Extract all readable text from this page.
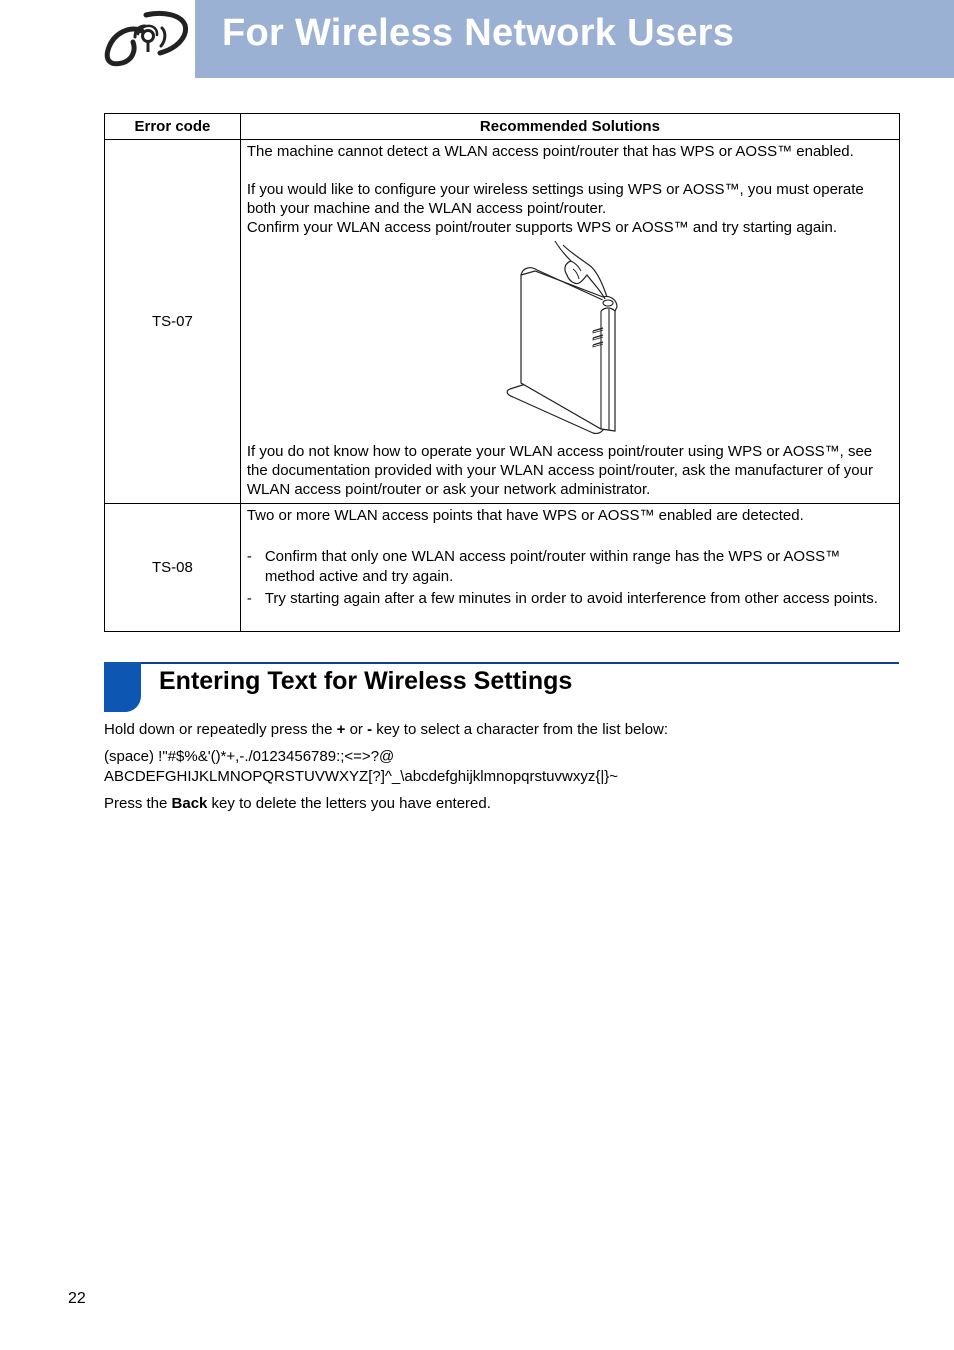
For Wireless Network Users
Error code	Recommended Solutions
TS-07	The machine cannot detect a WLAN access point/router that has WPS or AOSS™ enabled.

If you would like to configure your wireless settings using WPS or AOSS™, you must operate both your machine and the WLAN access point/router.

Confirm your WLAN access point/router supports WPS or AOSS™ and try starting again.

If you do not know how to operate your WLAN access point/router using WPS or AOSS™, see the documentation provided with your WLAN access point/router, ask the manufacturer of your WLAN access point/router or ask your network administrator.

TS-08	Two or more WLAN access points that have WPS or AOSS™ enabled are detected.

- Confirm that only one WLAN access point/router within range has the WPS or AOSS™ method active and try again.
- Try starting again after a few minutes in order to avoid interference from other access points.
Entering Text for Wireless Settings
Hold down or repeatedly press the + or - key to select a character from the list below:
(space) !"#$%&'()*+,-./0123456789:;<=>?@
ABCDEFGHIJKLMNOPQRSTUVWXYZ[?]^_\abcdefghijklmnopqrstuvwxyz{|}~
Press the Back key to delete the letters you have entered.
22
